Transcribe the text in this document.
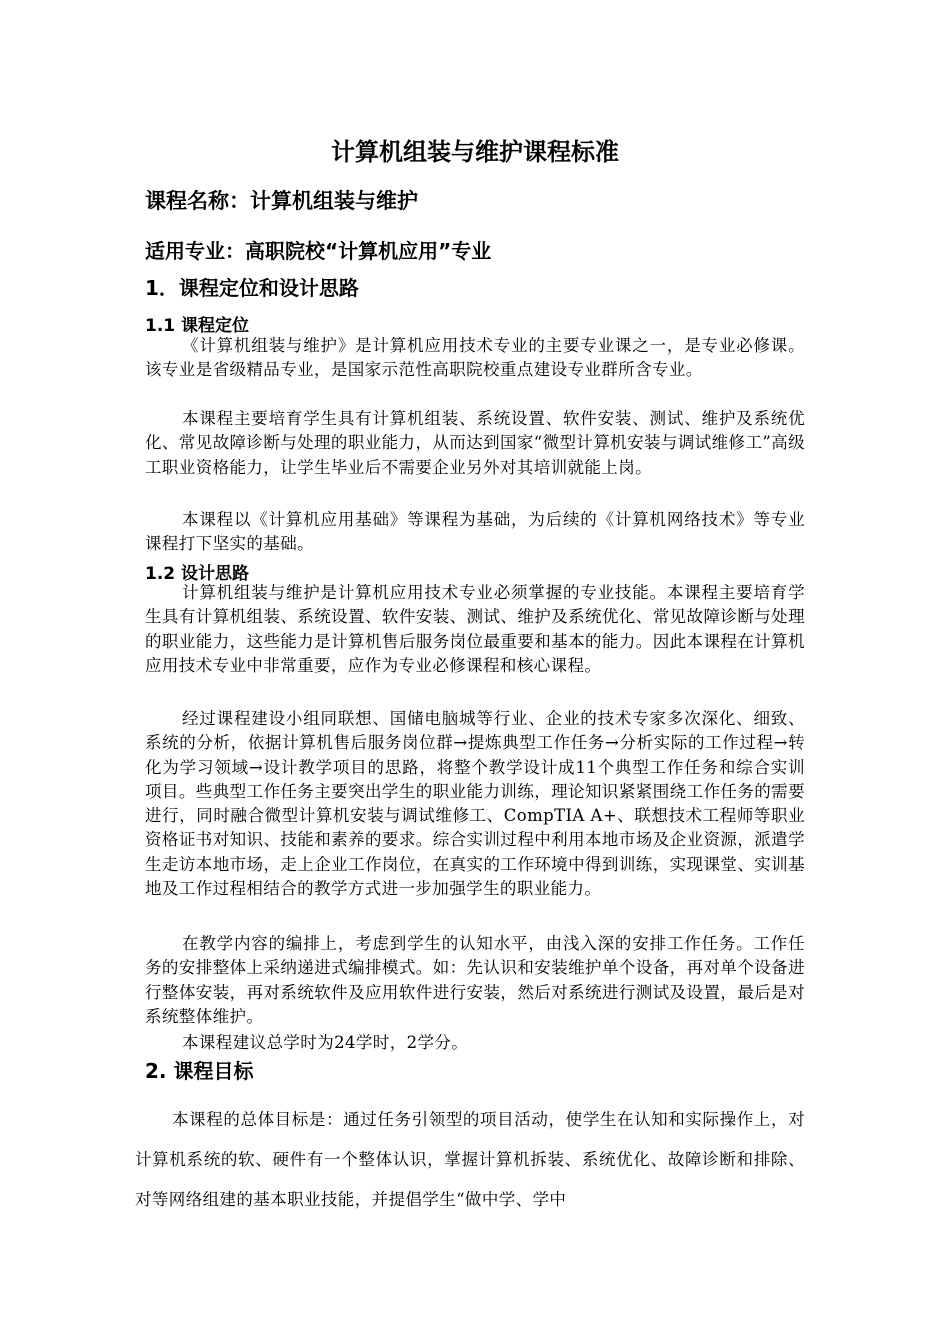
计算机组装与维护课程标准
课程名称：计算机组装与维护
适用专业：高职院校“计算机应用”专业
1．课程定位和设计思路
1.1 课程定位
《计算机组装与维护》是计算机应用技术专业的主要专业课之一，是专业必修课。该专业是省级精品专业，是国家示范性高职院校重点建设专业群所含专业。
本课程主要培育学生具有计算机组装、系统设置、软件安装、测试、维护及系统优化、常见故障诊断与处理的职业能力，从而达到国家“微型计算机安装与调试维修工”高级工职业资格能力，让学生毕业后不需要企业另外对其培训就能上岗。
本课程以《计算机应用基础》等课程为基础，为后续的《计算机网络技术》等专业课程打下坚实的基础。
1.2 设计思路
计算机组装与维护是计算机应用技术专业必须掌握的专业技能。本课程主要培育学生具有计算机组装、系统设置、软件安装、测试、维护及系统优化、常见故障诊断与处理的职业能力，这些能力是计算机售后服务岗位最重要和基本的能力。因此本课程在计算机应用技术专业中非常重要，应作为专业必修课程和核心课程。
经过课程建设小组同联想、国储电脑城等行业、企业的技术专家多次深化、细致、系统的分析，依据计算机售后服务岗位群→提炼典型工作任务→分析实际的工作过程→转化为学习领域→设计教学项目的思路，将整个教学设计成11个典型工作任务和综合实训项目。些典型工作任务主要突出学生的职业能力训练，理论知识紧紧围绕工作任务的需要进行，同时融合微型计算机安装与调试维修工、CompTIA A+、联想技术工程师等职业资格证书对知识、技能和素养的要求。综合实训过程中利用本地市场及企业资源，派遣学生走访本地市场，走上企业工作岗位，在真实的工作环境中得到训练，实现课堂、实训基地及工作过程相结合的教学方式进一步加强学生的职业能力。
在教学内容的编排上，考虑到学生的认知水平，由浅入深的安排工作任务。工作任务的安排整体上采纳递进式编排模式。如：先认识和安装维护单个设备，再对单个设备进行整体安装，再对系统软件及应用软件进行安装，然后对系统进行测试及设置，最后是对系统整体维护。
本课程建议总学时为24学时，2学分。
2. 课程目标
本课程的总体目标是：通过任务引领型的项目活动，使学生在认知和实际操作上，对计算机系统的软、硬件有一个整体认识，掌握计算机拆装、系统优化、故障诊断和排除、对等网络组建的基本职业技能，并提倡学生“做中学、学中
